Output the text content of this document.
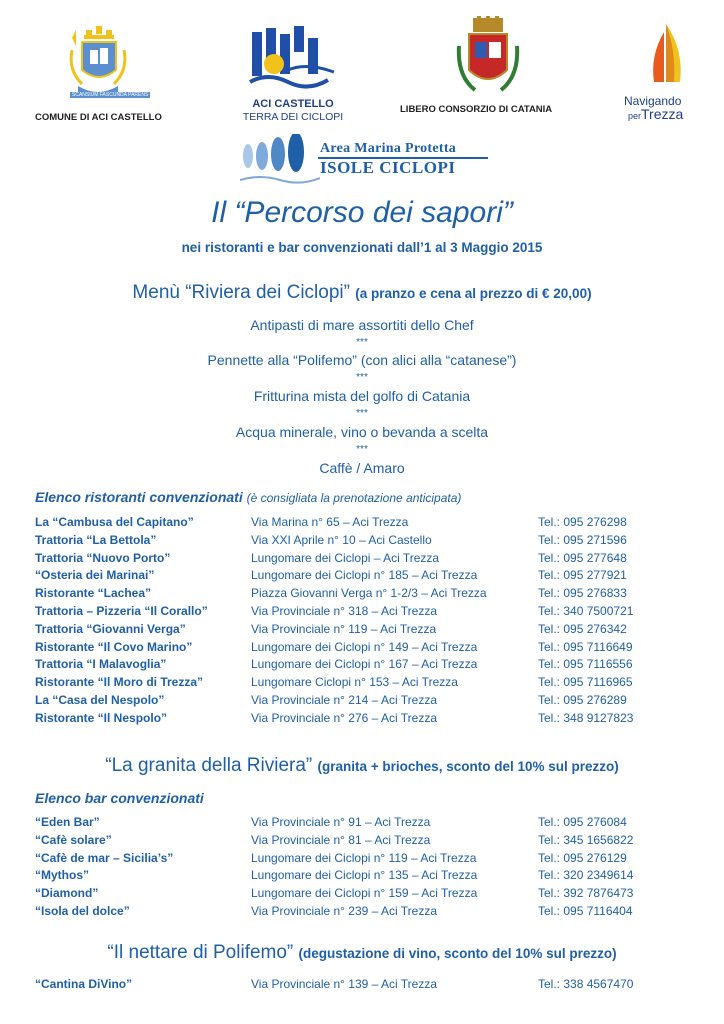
SCANSIUM FASCUNDA PARENS
COMUNE DI ACI CASTELLO
ACI CASTELLO
TERRA DEI CICLOPI
LIBERO CONSORZIO DI CATANIA
Navigando
perTrezza
Area Marina Protetta
ISOLE CICLOPI
Il “Percorso dei sapori”
nei ristoranti e bar convenzionati dall’1 al 3 Maggio 2015
Menù “Riviera dei Ciclopi” (a pranzo e cena al prezzo di € 20,00)
Antipasti di mare assortiti dello Chef
***
Pennette alla “Polifemo” (con alici alla “catanese”)
***
Fritturina mista del golfo di Catania
***
Acqua minerale, vino o bevanda a scelta
***
Caffè / Amaro
Elenco ristoranti convenzionati (è consigliata la prenotazione anticipata)
La “Cambusa del Capitano”	Via Marina n° 65 – Aci Trezza	Tel.: 095 276298
Trattoria “La Bettola”	Via XXI Aprile n° 10 – Aci Castello	Tel.: 095 271596
Trattoria “Nuovo Porto”	Lungomare dei Ciclopi – Aci Trezza	Tel.: 095 277648
“Osteria dei Marinai”	Lungomare dei Ciclopi n° 185 – Aci Trezza	Tel.: 095 277921
Ristorante “Lachea”	Piazza Giovanni Verga n° 1-2/3 – Aci Trezza	Tel.: 095 276833
Trattoria – Pizzeria “Il Corallo”	Via Provinciale n° 318 – Aci Trezza	Tel.: 340 7500721
Trattoria “Giovanni Verga”	Via Provinciale n° 119 – Aci Trezza	Tel.: 095 276342
Ristorante “Il Covo Marino”	Lungomare dei Ciclopi n° 149 – Aci Trezza	Tel.: 095 7116649
Trattoria “I Malavoglia”	Lungomare dei Ciclopi n° 167 – Aci Trezza	Tel.: 095 7116556
Ristorante “Il Moro di Trezza”	Lungomare Ciclopi n° 153 – Aci Trezza	Tel.: 095 7116965
La “Casa del Nespolo”	Via Provinciale n° 214 – Aci Trezza	Tel.: 095 276289
Ristorante “Il Nespolo”	Via Provinciale n° 276 – Aci Trezza	Tel.: 348 9127823
“La granita della Riviera” (granita + brioches, sconto del 10% sul prezzo)
Elenco bar convenzionati
“Eden Bar”	Via Provinciale n° 91 – Aci Trezza	Tel.: 095 276084
“Cafè solare”	Via Provinciale n° 81 – Aci Trezza	Tel.: 345 1656822
“Cafè de mar – Sicilia’s”	Lungomare dei Ciclopi n° 119 – Aci Trezza	Tel.: 095 276129
“Mythos”	Lungomare dei Ciclopi n° 135 – Aci Trezza	Tel.: 320 2349614
“Diamond”	Lungomare dei Ciclopi n° 159 – Aci Trezza	Tel.: 392 7876473
“Isola del dolce”	Via Provinciale n° 239 – Aci Trezza	Tel.: 095 7116404
“Il nettare di Polifemo” (degustazione di vino, sconto del 10% sul prezzo)
“Cantina DiVino”	Via Provinciale n° 139 – Aci Trezza	Tel.: 338 4567470
